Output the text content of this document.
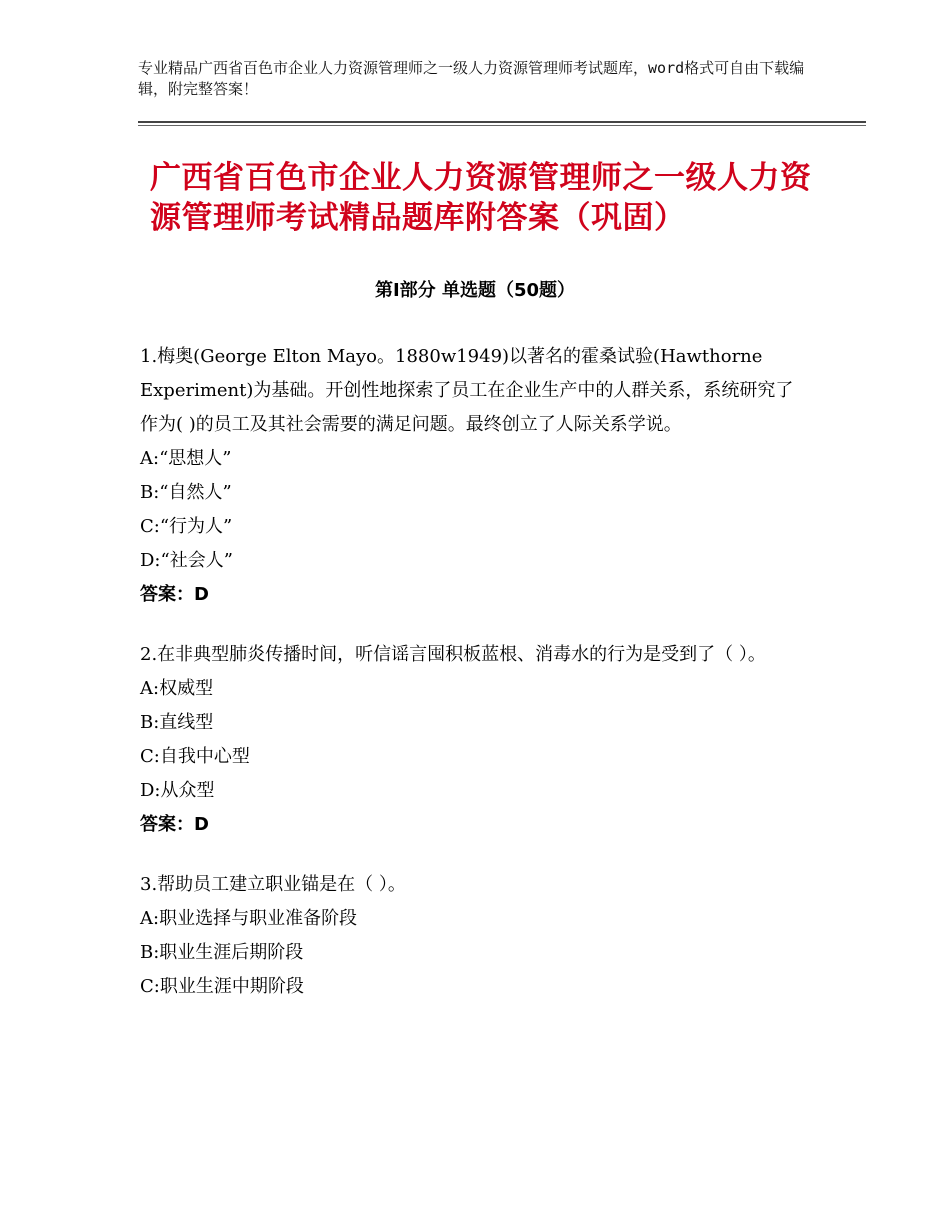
专业精品广西省百色市企业人力资源管理师之一级人力资源管理师考试题库，word格式可自由下载编辑，附完整答案！
广西省百色市企业人力资源管理师之一级人力资源管理师考试精品题库附答案（巩固）
第Ⅰ部分 单选题（50题）

1.梅奥(George Elton Mayo。1880w1949)以著名的霍桑试验(Hawthorne Experiment)为基础。开创性地探索了员工在企业生产中的人群关系，系统研究了作为( )的员工及其社会需要的满足问题。最终创立了人际关系学说。

A:“思想人”

B:“自然人”

C:“行为人”

D:“社会人”

答案：D

2.在非典型肺炎传播时间，听信谣言囤积板蓝根、消毒水的行为是受到了（ ）。

A:权威型

B:直线型

C:自我中心型

D:从众型

答案：D

3.帮助员工建立职业锚是在（ ）。

A:职业选择与职业准备阶段

B:职业生涯后期阶段

C:职业生涯中期阶段
